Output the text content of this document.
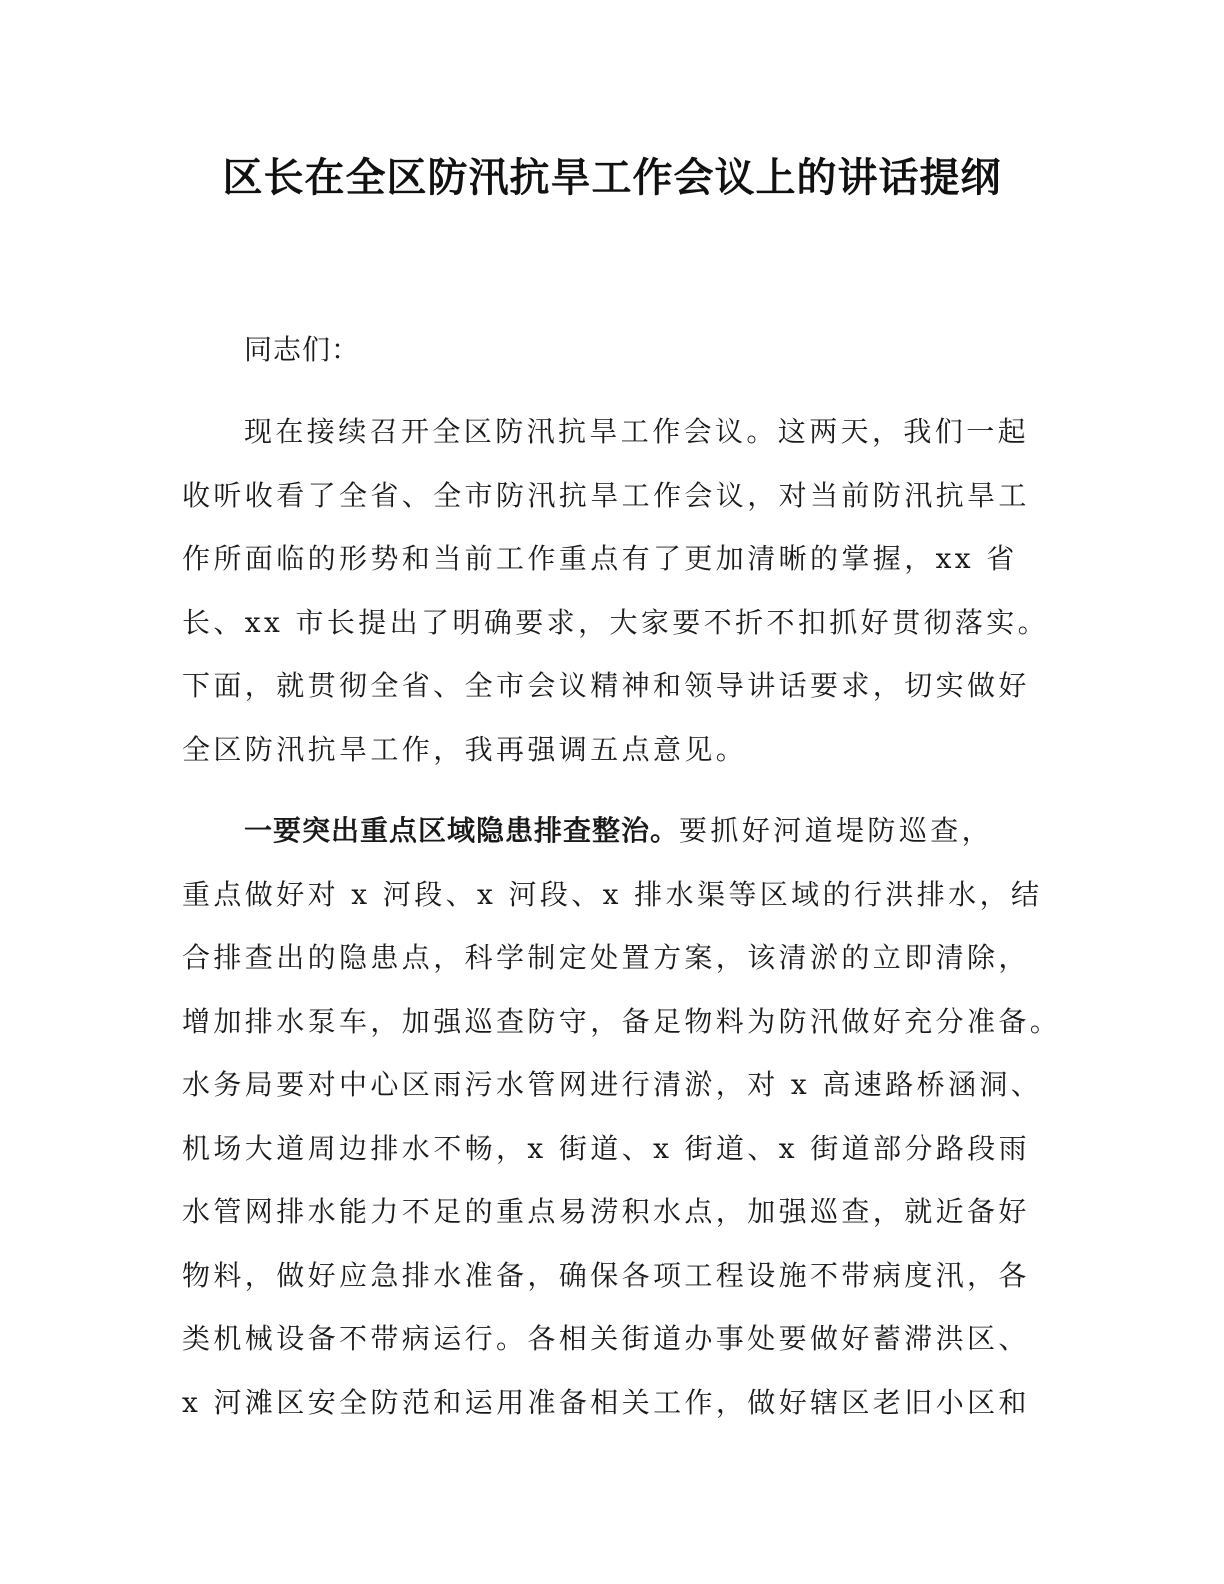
区长在全区防汛抗旱工作会议上的讲话提纲

同志们：

现在接续召开全区防汛抗旱工作会议。这两天，我们一起
收听收看了全省、全市防汛抗旱工作会议，对当前防汛抗旱工
作所面临的形势和当前工作重点有了更加清晰的掌握，xx 省
长、xx 市长提出了明确要求，大家要不折不扣抓好贯彻落实。
下面，就贯彻全省、全市会议精神和领导讲话要求，切实做好
全区防汛抗旱工作，我再强调五点意见。
一要突出重点区域隐患排查整治。要抓好河道堤防巡查，
重点做好对 x 河段、x 河段、x 排水渠等区域的行洪排水，结
合排查出的隐患点，科学制定处置方案，该清淤的立即清除，
增加排水泵车，加强巡查防守，备足物料为防汛做好充分准备。
水务局要对中心区雨污水管网进行清淤，对 x 高速路桥涵洞、
机场大道周边排水不畅，x 街道、x 街道、x 街道部分路段雨
水管网排水能力不足的重点易涝积水点，加强巡查，就近备好
物料，做好应急排水准备，确保各项工程设施不带病度汛，各
类机械设备不带病运行。各相关街道办事处要做好蓄滞洪区、
x 河滩区安全防范和运用准备相关工作，做好辖区老旧小区和
